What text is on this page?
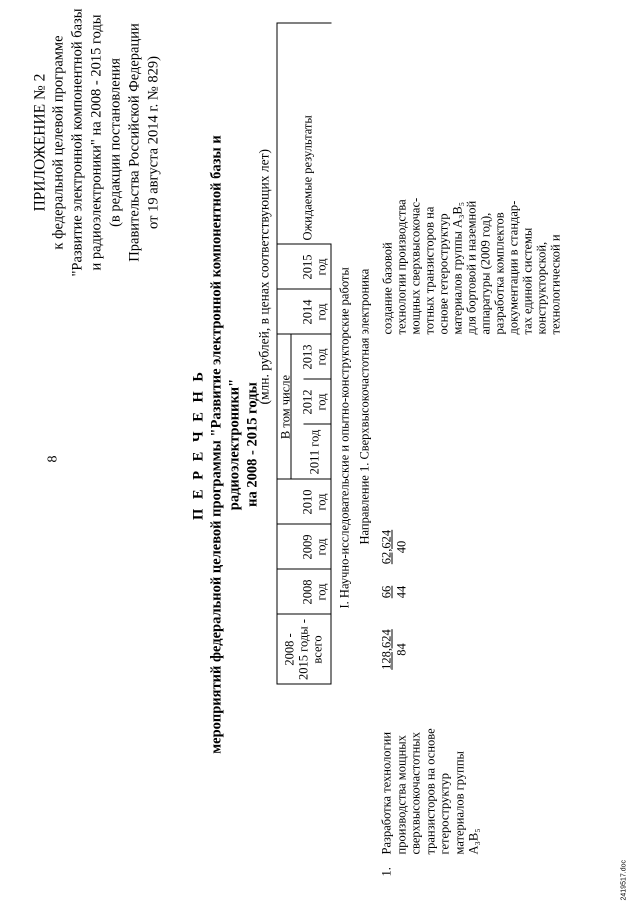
8
ПРИЛОЖЕНИЕ № 2 к федеральной целевой программе "Развитие электронной компонентной базы и радиоэлектроники" на 2008 - 2015 годы (в редакции постановления Правительства Российской Федерации от 19 августа 2014 г. № 829)
П Е Р Е Ч Е Н Ь мероприятий федеральной целевой программы "Развитие электронной компонентной базы и радиоэлектроники" на 2008 - 2015 годы
(млн. рублей, в ценах соответствующих лет)
2008 - 2015 годы - всего
2008 год
2009 год
2010 год
В том числе
2011 год
2012 год
2013 год
2014 год
2015 год
Ожидаемые результаты
I. Научно-исследовательские и опытно-конструкторские работы Направление 1. Сверхвысокочастотная электроника
1.
Разработка технологии производства мощных сверхвысокочастотных транзисторов на основе гетероструктур материалов группы A₃B₅
128,624 84
66 44
62,624 40
создание базовой технологии производства мощных сверхвысокочас- тотных транзисторов на основе гетероструктур материалов группы A₃B₅ для бортовой и наземной аппаратуры (2009 год), разработка комплектов документации в стандар- тах единой системы конструкторской, технологической и
2419517.doc
